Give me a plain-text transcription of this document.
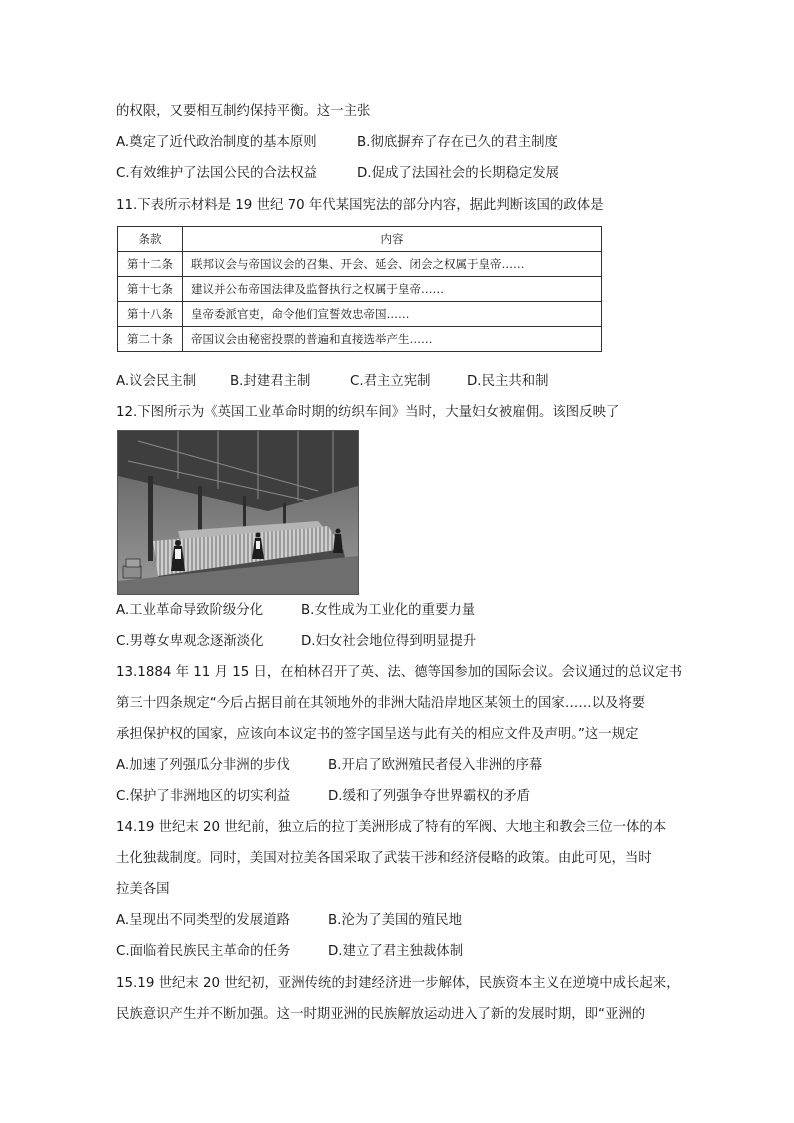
的权限，又要相互制约保持平衡。这一主张
A.奠定了近代政治制度的基本原则	B.彻底摒弃了存在已久的君主制度
C.有效维护了法国公民的合法权益	D.促成了法国社会的长期稳定发展
11.下表所示材料是 19 世纪 70 年代某国宪法的部分内容，据此判断该国的政体是
条款	内容
第十二条	联邦议会与帝国议会的召集、开会、延会、闭会之权属于皇帝……
第十七条	建议并公布帝国法律及监督执行之权属于皇帝……
第十八条	皇帝委派官吏，命令他们宣誓效忠帝国……
第二十条	帝国议会由秘密投票的普遍和直接选举产生……
A.议会民主制	B.封建君主制	C.君主立宪制	D.民主共和制
12.下图所示为《英国工业革命时期的纺织车间》当时，大量妇女被雇佣。该图反映了
A.工业革命导致阶级分化	B.女性成为工业化的重要力量
C.男尊女卑观念逐渐淡化	D.妇女社会地位得到明显提升
13.1884 年 11 月 15 日，在柏林召开了英、法、德等国参加的国际会议。会议通过的总议定书
第三十四条规定“今后占据目前在其领地外的非洲大陆沿岸地区某领土的国家……以及将要
承担保护权的国家，应该向本议定书的签字国呈送与此有关的相应文件及声明。”这一规定
A.加速了列强瓜分非洲的步伐	B.开启了欧洲殖民者侵入非洲的序幕
C.保护了非洲地区的切实利益	D.缓和了列强争夺世界霸权的矛盾
14.19 世纪末 20 世纪前，独立后的拉丁美洲形成了特有的军阀、大地主和教会三位一体的本
土化独裁制度。同时，美国对拉美各国采取了武装干涉和经济侵略的政策。由此可见，当时
拉美各国
A.呈现出不同类型的发展道路	B.沦为了美国的殖民地
C.面临着民族民主革命的任务	D.建立了君主独裁体制
15.19 世纪末 20 世纪初，亚洲传统的封建经济进一步解体，民族资本主义在逆境中成长起来，
民族意识产生并不断加强。这一时期亚洲的民族解放运动进入了新的发展时期，即“亚洲的
